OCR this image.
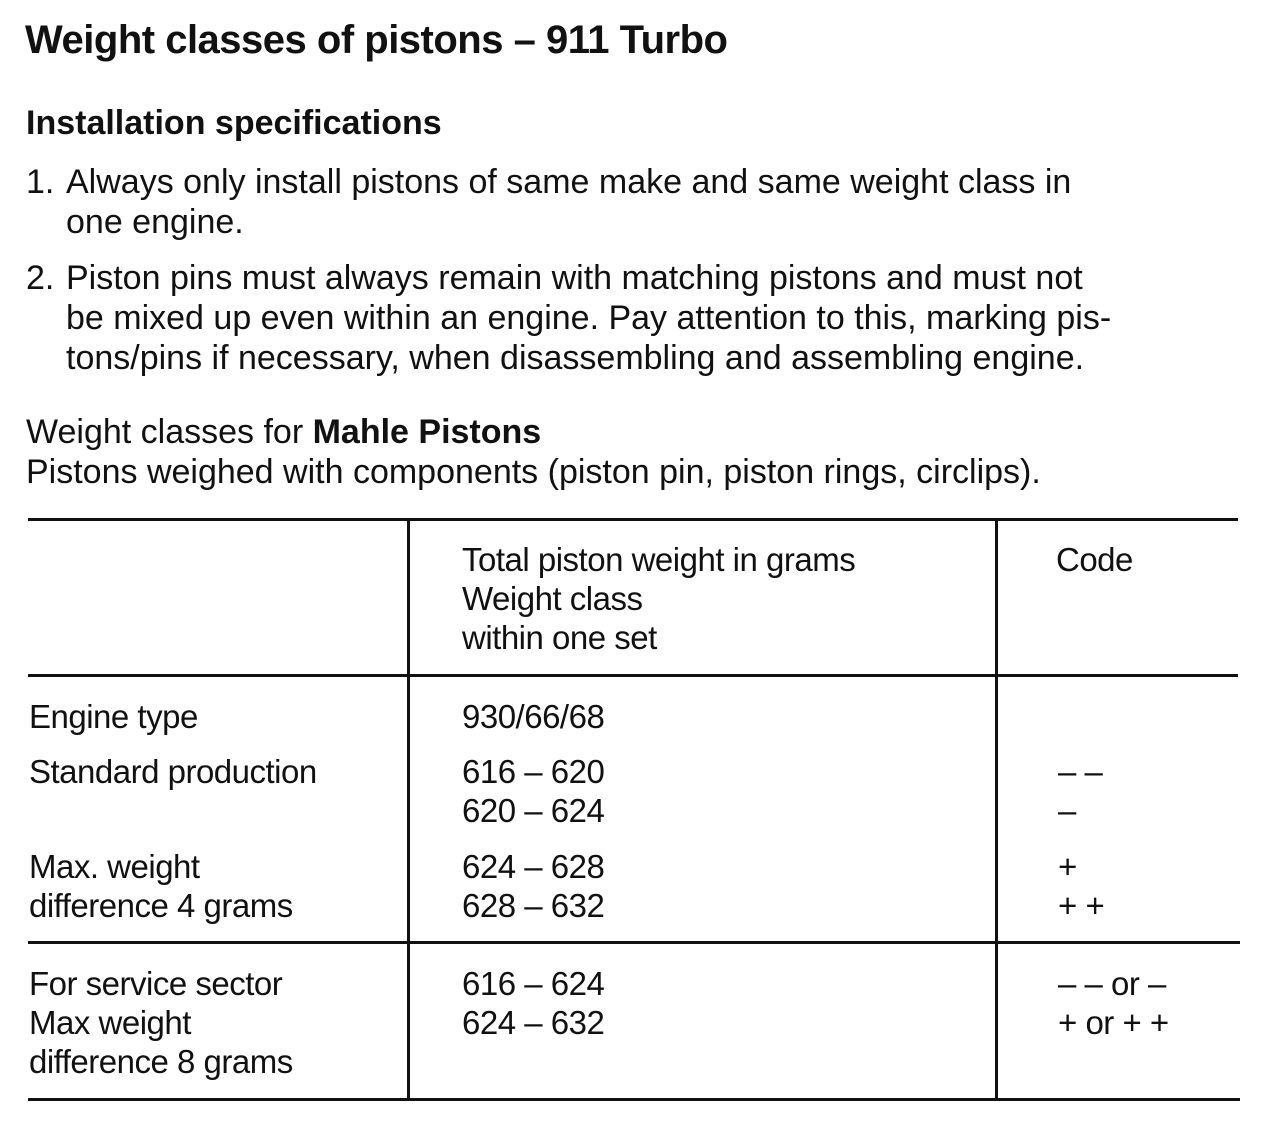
Weight classes of pistons – 911 Turbo
Installation specifications
1. Always only install pistons of same make and same weight class in
one engine.
2. Piston pins must always remain with matching pistons and must not
be mixed up even within an engine. Pay attention to this, marking pis-
tons/pins if necessary, when disassembling and assembling engine.
Weight classes for Mahle Pistons
Pistons weighed with components (piston pin, piston rings, circlips).
Total piston weight in grams
Weight class
within one set
Code
Engine type	930/66/68
Standard production	616 – 620
620 – 624
– –
–
Max. weight
difference 4 grams
624 – 628
628 – 632
+
+ +
For service sector
Max weight
difference 8 grams
616 – 624
624 – 632
– – or –
+ or + +
